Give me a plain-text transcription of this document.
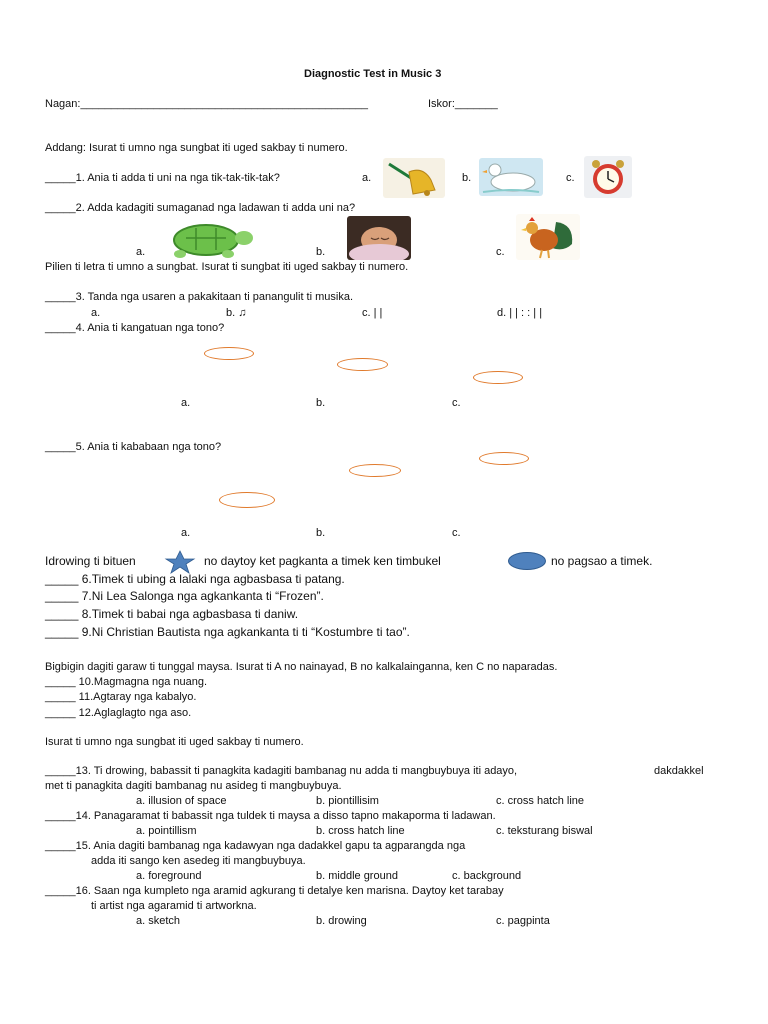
Diagnostic Test in Music 3
Nagan:_______________________________________________	Iskor:_______
Addang: Isurat ti umno nga sungbat iti uged sakbay ti numero.
_____1. Ania ti adda ti uni na nga tik-tak-tik-tak?	a.	b.	c.
_____2. Adda kadagiti sumaganad nga ladawan ti adda uni na?
a.	b.	c.
Pilien ti letra ti umno a sungbat. Isurat ti sungbat iti uged sakbay ti numero.
_____3. Tanda nga usaren a pakakitaan ti panangulit ti musika.
a.	b. ♫	c. | |	d. | | : : | |
_____4. Ania ti kangatuan nga tono?
a.	b.	c.
_____5. Ania ti kababaan nga tono?
a.	b.	c.
Idrowing ti bituen	no daytoy ket pagkanta a timek ken timbukel	no pagsao a timek.
_____ 6.Timek ti ubing a lalaki nga agbasbasa ti patang.
_____ 7.Ni Lea Salonga nga agkankanta ti “Frozen”.
_____ 8.Timek ti babai nga agbasbasa ti daniw.
_____ 9.Ni Christian Bautista nga agkankanta ti ti “Kostumbre ti tao”.
Bigbigin dagiti garaw ti tunggal maysa. Isurat ti A no nainayad, B no kalkalainganna, ken C no naparadas.
_____ 10.Magmagna nga nuang.
_____ 11.Agtaray nga kabalyo.
_____ 12.Aglaglagto nga aso.
Isurat ti umno nga sungbat iti uged sakbay ti numero.
_____13. Ti drowing, babassit ti panagkita kadagiti bambanag nu adda ti mangbuybuya iti adayo,	dakdakkel
met ti panagkita dagiti bambanag nu asideg ti mangbuybuya.
a. illusion of space	b. piontillisim	c. cross hatch line
_____14. Panagaramat ti babassit nga tuldek ti maysa a disso tapno makaporma ti ladawan.
a. pointillism	b. cross hatch line	c. teksturang biswal
_____15. Ania dagiti bambanag nga kadawyan nga dadakkel gapu ta agparangda nga
adda iti sango ken asedeg iti mangbuybuya.
a. foreground	b. middle ground	c. background
_____16. Saan nga kumpleto nga aramid agkurang ti detalye ken marisna. Daytoy ket tarabay
ti artist nga agaramid ti artworkna.
a. sketch	b. drowing	c. pagpinta
